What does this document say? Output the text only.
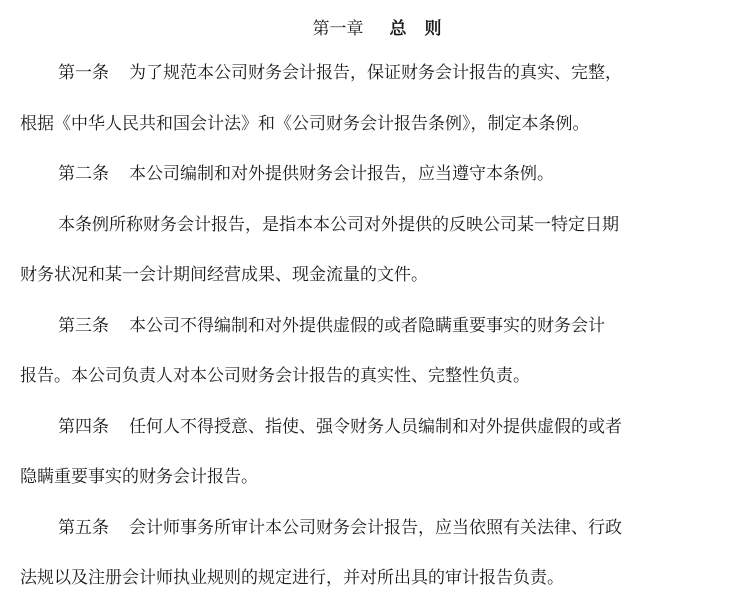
第一章 总 则
第一条 为了规范本公司财务会计报告，保证财务会计报告的真实、完整，
根据《中华人民共和国会计法》和《公司财务会计报告条例》，制定本条例。
第二条 本公司编制和对外提供财务会计报告，应当遵守本条例。
本条例所称财务会计报告，是指本本公司对外提供的反映公司某一特定日期
财务状况和某一会计期间经营成果、现金流量的文件。
第三条 本公司不得编制和对外提供虚假的或者隐瞒重要事实的财务会计
报告。本公司负责人对本公司财务会计报告的真实性、完整性负责。
第四条 任何人不得授意、指使、强令财务人员编制和对外提供虚假的或者
隐瞒重要事实的财务会计报告。
第五条 会计师事务所审计本公司财务会计报告，应当依照有关法律、行政
法规以及注册会计师执业规则的规定进行，并对所出具的审计报告负责。
